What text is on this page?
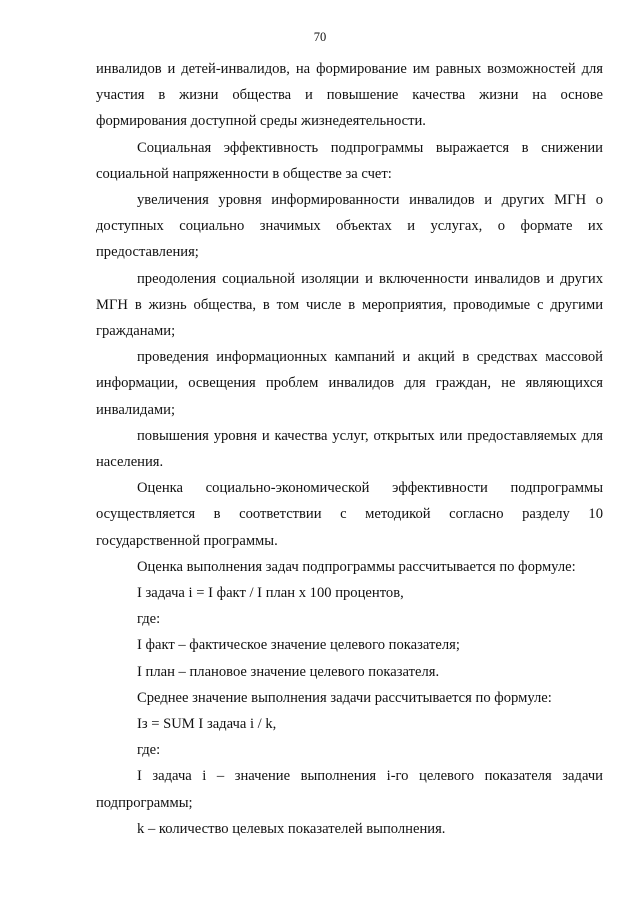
70

инвалидов и детей-инвалидов, на формирование им равных возможностей для участия в жизни общества и повышение качества жизни на основе формирования доступной среды жизнедеятельности.

Социальная эффективность подпрограммы выражается в снижении социальной напряженности в обществе за счет:

увеличения уровня информированности инвалидов и других МГН о доступных социально значимых объектах и услугах, о формате их предоставления;

преодоления социальной изоляции и включенности инвалидов и других МГН в жизнь общества, в том числе в мероприятия, проводимые с другими гражданами;

проведения информационных кампаний и акций в средствах массовой информации, освещения проблем инвалидов для граждан, не являющихся инвалидами;

повышения уровня и качества услуг, открытых или предоставляемых для населения.

Оценка социально-экономической эффективности подпрограммы осуществляется в соответствии с методикой согласно разделу 10 государственной программы.

Оценка выполнения задач подпрограммы рассчитывается по формуле:

I задача i = I факт / I план x 100 процентов,

где:

I факт – фактическое значение целевого показателя;

I план – плановое значение целевого показателя.

Среднее значение выполнения задачи рассчитывается по формуле:

Iз = SUM I задача i / k,

где:

I задача i – значение выполнения i-го целевого показателя задачи подпрограммы;

k – количество целевых показателей выполнения.
